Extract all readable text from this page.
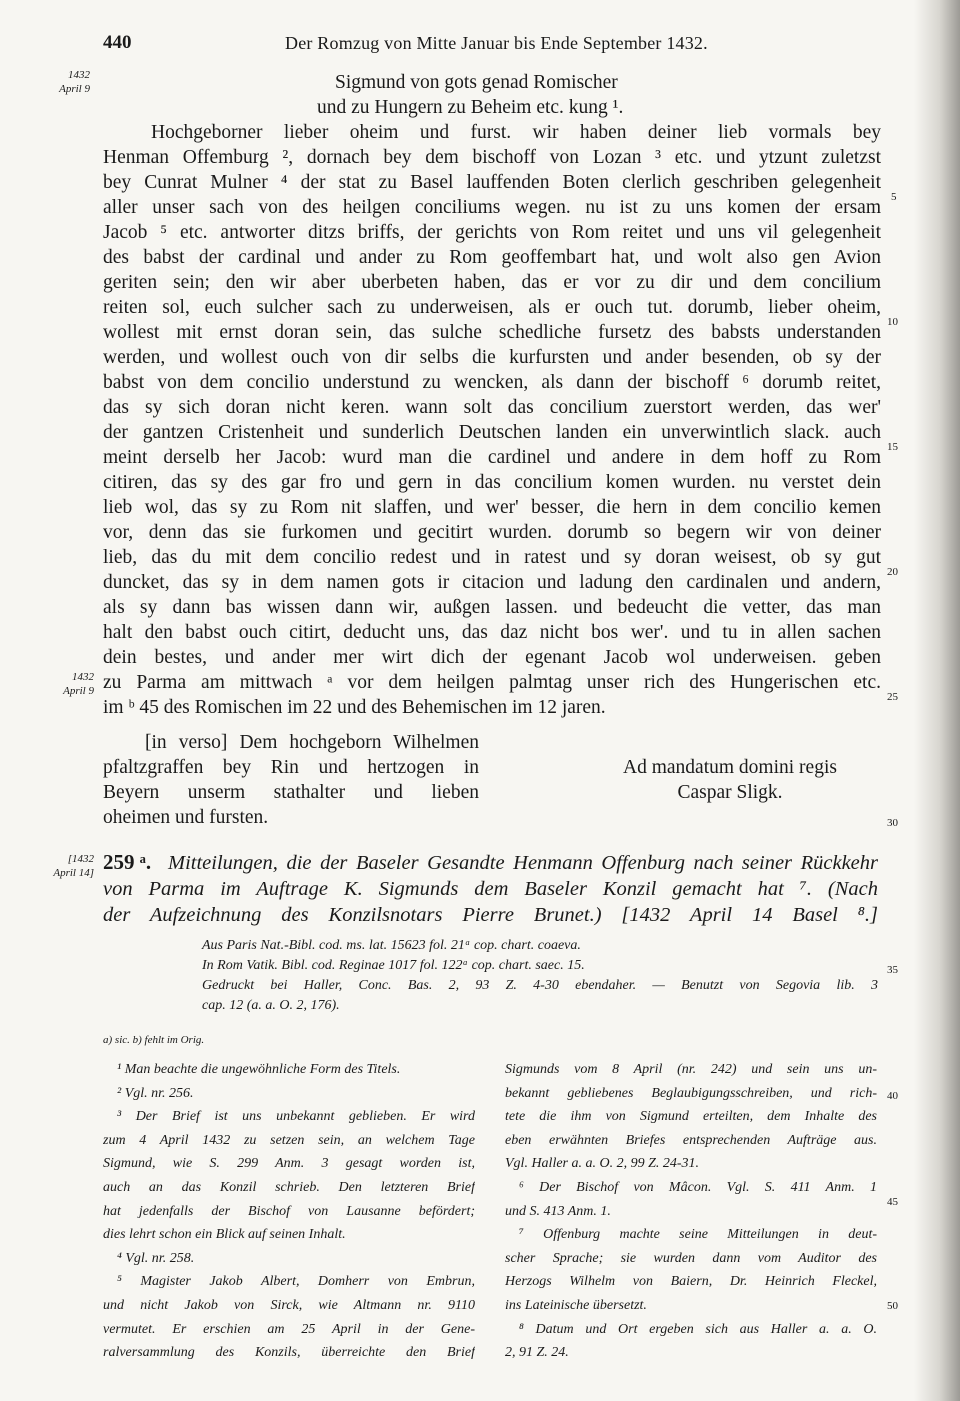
440	Der Romzug von Mitte Januar bis Ende September 1432.
1432
April 9
1432
April 9
[1432
April 14]
5
10
15
20
25
30
35
40
45
50
Sigmund von gots genad Romischer
und zu Hungern zu Beheim etc. kung ¹.
Hochgeborner lieber oheim und furst. wir haben deiner lieb vormals bey
Henman Offemburg ², dornach bey dem bischoff von Lozan ³ etc. und ytzunt zuletzst
bey Cunrat Mulner ⁴ der stat zu Basel lauffenden Boten clerlich geschriben gelegenheit
aller unser sach von des heilgen conciliums wegen. nu ist zu uns komen der ersam
Jacob ⁵ etc. antworter ditzs briffs, der gerichts von Rom reitet und uns vil gelegenheit
des babst der cardinal und ander zu Rom geoffembart hat, und wolt also gen Avion
geriten sein; den wir aber uberbeten haben, das er vor zu dir und dem concilium
reiten sol, euch sulcher sach zu underweisen, als er ouch tut. dorumb, lieber oheim,
wollest mit ernst doran sein, das sulche schedliche fursetz des babsts understanden
werden, und wollest ouch von dir selbs die kurfursten und ander besenden, ob sy der
babst von dem concilio understund zu wencken, als dann der bischoff ⁶ dorumb reitet,
das sy sich doran nicht keren. wann solt das concilium zuerstort werden, das wer'
der gantzen Cristenheit und sunderlich Deutschen landen ein unverwintlich slack. auch
meint derselb her Jacob: wurd man die cardinel und andere in dem hoff zu Rom
citiren, das sy des gar fro und gern in das concilium komen wurden. nu verstet dein
lieb wol, das sy zu Rom nit slaffen, und wer' besser, die hern in dem concilio kemen
vor, denn das sie furkomen und gecitirt wurden. dorumb so begern wir von deiner
lieb, das du mit dem concilio redest und in ratest und sy doran weisest, ob sy gut
duncket, das sy in dem namen gots ir citacion und ladung den cardinalen und andern,
als sy dann bas wissen dann wir, außgen lassen. und bedeucht die vetter, das man
halt den babst ouch citirt, deducht uns, das daz nicht bos wer'. und tu in allen sachen
dein bestes, und ander mer wirt dich der egenant Jacob wol underweisen. geben
zu Parma am mittwach ᵃ vor dem heilgen palmtag unser rich des Hungerischen etc.
im ᵇ 45 des Romischen im 22 und des Behemischen im 12 jaren.
[in verso] Dem hochgeborn Wilhelmen
pfaltzgraffen bey Rin und hertzogen in
Beyern unserm stathalter und lieben
oheimen und fursten.
Ad mandatum domini regis
Caspar Sligk.
259 ᵃ. Mitteilungen, die der Baseler Gesandte Henmann Offenburg nach seiner Rückkehr
von Parma im Auftrage K. Sigmunds dem Baseler Konzil gemacht hat ⁷. (Nach
der Aufzeichnung des Konzilsnotars Pierre Brunet.) [1432 April 14 Basel ⁸.]
Aus Paris Nat.-Bibl. cod. ms. lat. 15623 fol. 21ᵃ cop. chart. coaeva.
In Rom Vatik. Bibl. cod. Reginae 1017 fol. 122ᵃ cop. chart. saec. 15.
Gedruckt bei Haller, Conc. Bas. 2, 93 Z. 4-30 ebendaher. — Benutzt von Segovia lib. 3
cap. 12 (a. a. O. 2, 176).
a) sic. b) fehlt im Orig.
¹ Man beachte die ungewöhnliche Form des Titels.
² Vgl. nr. 256.
³ Der Brief ist uns unbekannt geblieben. Er wird
zum 4 April 1432 zu setzen sein, an welchem Tage
Sigmund, wie S. 299 Anm. 3 gesagt worden ist,
auch an das Konzil schrieb. Den letzteren Brief
hat jedenfalls der Bischof von Lausanne befördert;
dies lehrt schon ein Blick auf seinen Inhalt.
⁴ Vgl. nr. 258.
⁵ Magister Jakob Albert, Domherr von Embrun,
und nicht Jakob von Sirck, wie Altmann nr. 9110
vermutet. Er erschien am 25 April in der Gene-
ralversammlung des Konzils, überreichte den Brief
Sigmunds vom 8 April (nr. 242) und sein uns un-
bekannt gebliebenes Beglaubigungsschreiben, und rich-
tete die ihm von Sigmund erteilten, dem Inhalte des
eben erwähnten Briefes entsprechenden Aufträge aus.
Vgl. Haller a. a. O. 2, 99 Z. 24-31.
⁶ Der Bischof von Mâcon. Vgl. S. 411 Anm. 1
und S. 413 Anm. 1.
⁷ Offenburg machte seine Mitteilungen in deut-
scher Sprache; sie wurden dann vom Auditor des
Herzogs Wilhelm von Baiern, Dr. Heinrich Fleckel,
ins Lateinische übersetzt.
⁸ Datum und Ort ergeben sich aus Haller a. a. O.
2, 91 Z. 24.
